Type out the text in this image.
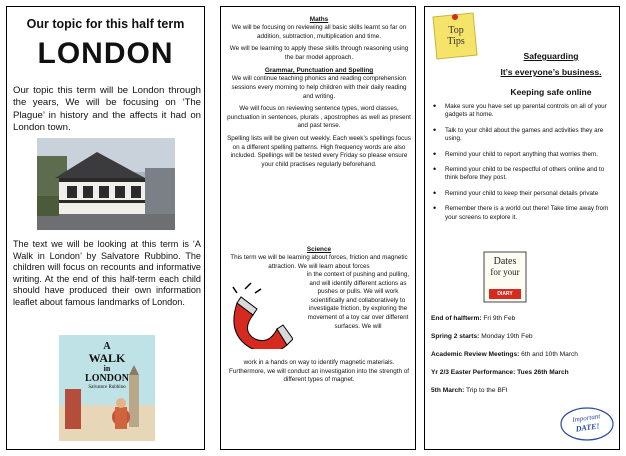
Our topic for this half term
LONDON
Our topic this term will be London through the years, We will be focusing on ‘The Plague’ in history and the affects it had on London town.
The text we will be looking at this term is ‘A Walk in London’ by Salvatore Rubbino. The children will focus on recounts and informative writing. At the end of this half-term each child should have produced their own information leaflet about famous landmarks of London.
A
WALK
in
LONDON
Salvatore Rubbino
Maths
We will be focusing on reviewing all basic skills learnt so far on addition, subtraction, multiplication and time.
We will be learning to apply these skills through reasoning using the bar model approach.
Grammar, Punctuation and Spelling
We will continue teaching phonics and reading comprehension sessions every morning to help children with their daily reading and writing.
We will focus on reviewing sentence types, word classes, punctuation in sentences, plurals , apostrophes as well as present and past tense.
Spelling lists will be given out weekly. Each week’s spellings focus on a different spelling patterns. High frequency words are also included. Spellings will be tested every Friday so please ensure your child practises regularly beforehand.
Science
This term we will be learning about forces, friction and magnetic attraction. We will learn about forces
in the context of pushing and pulling, and will identify different actions as pushes or pulls. We will work scientifically and collaboratively to investigate friction, by exploring the movement of a toy car over different surfaces. We will
work in a hands on way to identify magnetic materials. Furthermore, we will conduct an investigation into the strength of different types of magnet.
Top
Tips
Safeguarding
It’s everyone’s business.
Keeping safe online
• Make sure you have set up parental controls on all of your gadgets at home.
• Talk to your child about the games and activities they are using.
• Remind your child to report anything that worries them.
• Remind your child to be respectful of others online and to think before they post.
• Remind your child to keep their personal details private
• Remember there is a world out there! Take time away from your screens to explore it.
Dates
for your
DIARY
End of halfterm: Fri 9th Feb
Spring 2 starts: Monday 19th Feb
Academic Review Meetings: 6th and 10th March
Yr 2/3 Easter Performance: Tues 26th March
5th March: Trip to the BFI
Important
DATE!
